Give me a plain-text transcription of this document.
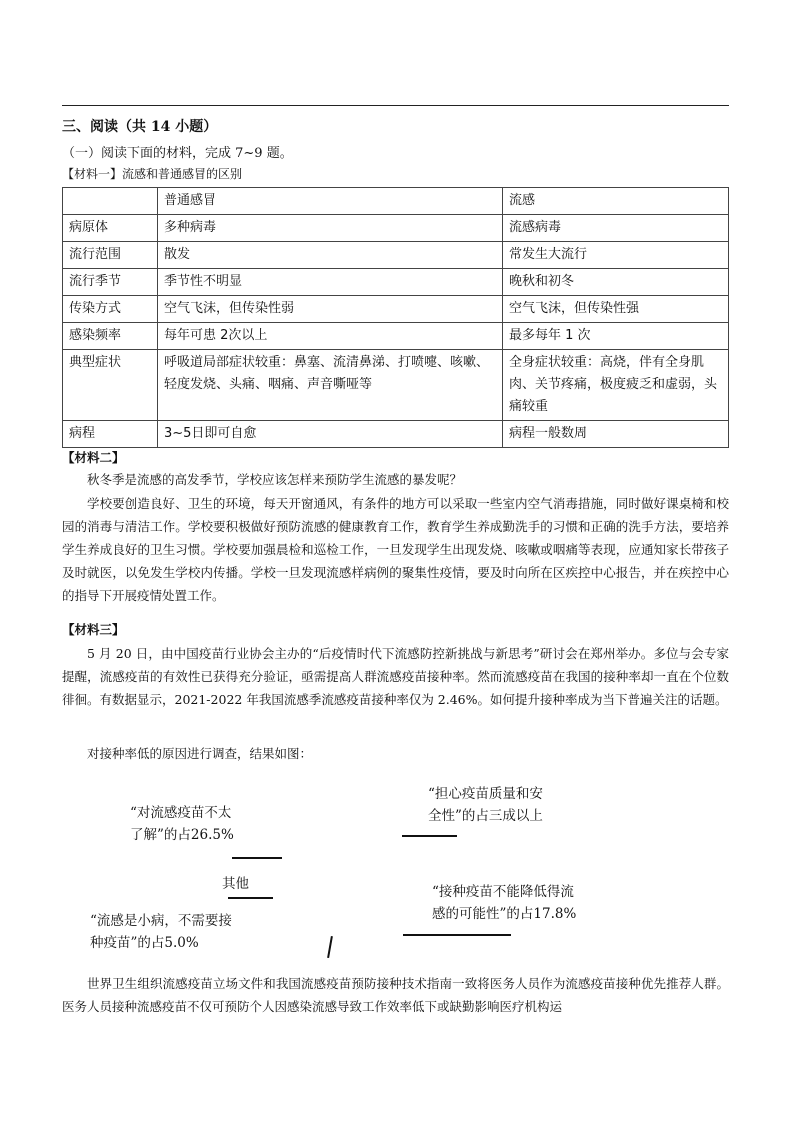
三、阅读（共 14 小题）
（一）阅读下面的材料，完成 7~9 题。
【材料一】流感和普通感冒的区别
	普通感冒	流感
病原体	多种病毒	流感病毒
流行范围	散发	常发生大流行
流行季节	季节性不明显	晚秋和初冬
传染方式	空气飞沫，但传染性弱	空气飞沫，但传染性强
感染频率	每年可患 2次以上	最多每年 1 次
典型症状	呼吸道局部症状较重：鼻塞、流清鼻涕、打喷嚏、咳嗽、轻度发烧、头痛、咽痛、声音嘶哑等	全身症状较重：高烧，伴有全身肌肉、关节疼痛，极度疲乏和虚弱，头痛较重
病程	3~5日即可自愈	病程一般数周
【材料二】
秋冬季是流感的高发季节，学校应该怎样来预防学生流感的暴发呢？
学校要创造良好、卫生的环境，每天开窗通风，有条件的地方可以采取一些室内空气消毒措施，同时做好课桌椅和校园的消毒与清洁工作。学校要积极做好预防流感的健康教育工作，教育学生养成勤洗手的习惯和正确的洗手方法，要培养学生养成良好的卫生习惯。学校要加强晨检和巡检工作，一旦发现学生出现发烧、咳嗽或咽痛等表现，应通知家长带孩子及时就医，以免发生学校内传播。学校一旦发现流感样病例的聚集性疫情，要及时向所在区疾控中心报告，并在疾控中心的指导下开展疫情处置工作。
【材料三】
5 月 20 日，由中国疫苗行业协会主办的“后疫情时代下流感防控新挑战与新思考”研讨会在郑州举办。多位与会专家提醒，流感疫苗的有效性已获得充分验证，亟需提高人群流感疫苗接种率。然而流感疫苗在我国的接种率却一直在个位数徘徊。有数据显示，2021-2022 年我国流感季流感疫苗接种率仅为 2.46%。如何提升接种率成为当下普遍关注的话题。
对接种率低的原因进行调查，结果如图：
“对流感疫苗不太
了解”的占26.5%
“担心疫苗质量和安
全性”的占三成以上
其他	“接种疫苗不能降低得流
感的可能性”的占17.8%
“流感是小病，不需要接
种疫苗”的占5.0%
世界卫生组织流感疫苗立场文件和我国流感疫苗预防接种技术指南一致将医务人员作为流感疫苗接种优先推荐人群。医务人员接种流感疫苗不仅可预防个人因感染流感导致工作效率低下或缺勤影响医疗机构运
